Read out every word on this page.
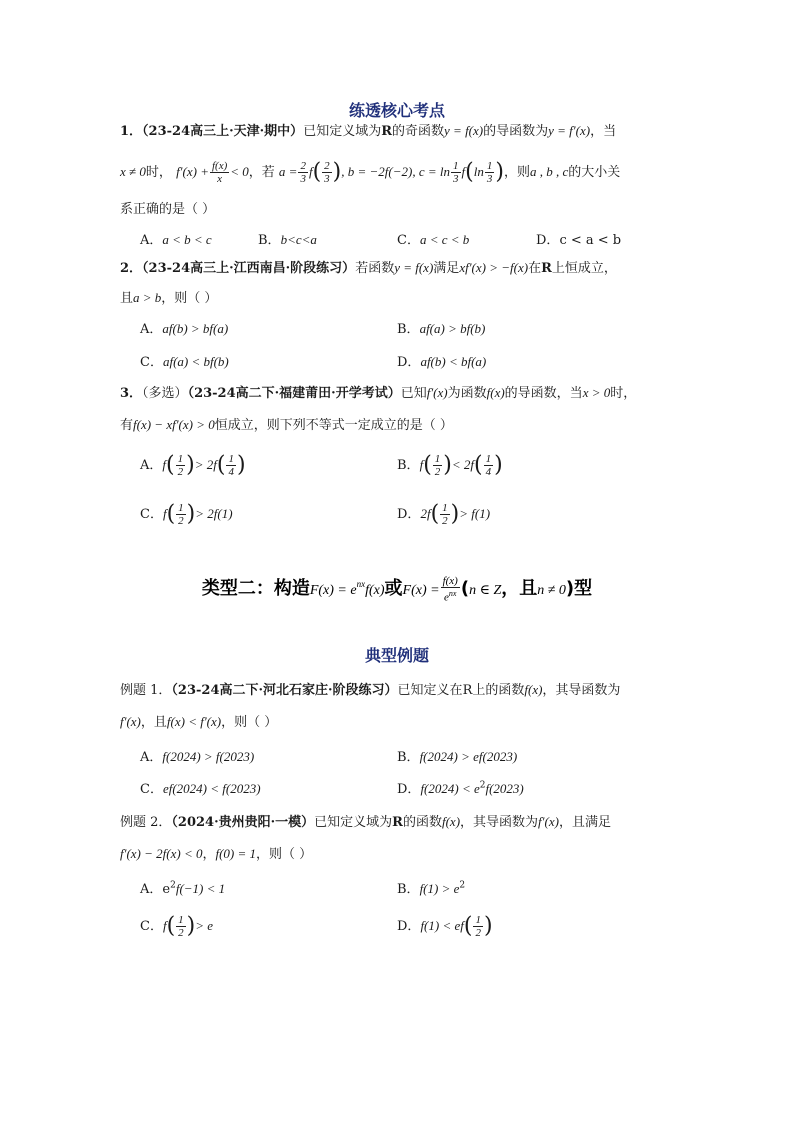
练透核心考点
1．（23-24高三上·天津·期中）已知定义域为R的奇函数y = f(x)的导函数为y = f′(x)，当
x ≠ 0时， $f'(x) + \frac{f(x)}{x} < 0$，若 $a = \frac{2}{3} f( \frac{2}{3}$ ), b = −2f(−2), $c = \ln \frac{1}{3} f(\ln \frac{1}{3}$ )，则a , b , c的大小关
系正确的是（ ）
A．a < b < c	B．b<c<a	C．a < c < b	D．c < a < b
2．（23-24高三上·江西南昌·阶段练习）若函数y = f(x)满足xf′(x) > −f(x)在R上恒成立，
且a > b，则（ ）
A．af(b) > bf(a)	B．af(a) > bf(b)
C．af(a) < bf(b)	D．af(b) < bf(a)
3．（多选）（23-24高二下·福建莆田·开学考试）已知f′(x)为函数f(x)的导函数，当x > 0时，
有f(x) − xf′(x) > 0恒成立，则下列不等式一定成立的是（ ）
A．$f( \frac{1}{2}$ )> $2f( \frac{1}{4}$ )	B．$f( \frac{1}{2}$ )< $2f( \frac{1}{4}$ )
C．$f( \frac{1}{2}$ )> 2f(1)	D．$2f( \frac{1}{2}$ )> f(1)
类型二：构造$F(x) = e^{nx}f(x)$或$F(x) = \frac{f(x)}{e^{nx}} (n$ ∈ Z，且n ≠ 0)型
典型例题
例题 1．（23-24高二下·河北石家庄·阶段练习）已知定义在R上的函数f(x)，其导函数为
f′(x)，且f(x) < f′(x)，则（ ）
A．f(2024) > f(2023)	B．f(2024) > ef(2023)
C．ef(2024) < f(2023)	D．$f(2024) < e^2f(2023)$
例题 2．（2024·贵州贵阳·一模）已知定义域为R的函数f(x)，其导函数为f′(x)，且满足
f′(x) − 2f(x) < 0，f(0) = 1，则（ ）
A．$e^2f(-1) < 1$	B．$f(1) > e^2$
C．$f( \frac{1}{2}$ )> e	D．$f(1) < ef( \frac{1}{2}$ )
